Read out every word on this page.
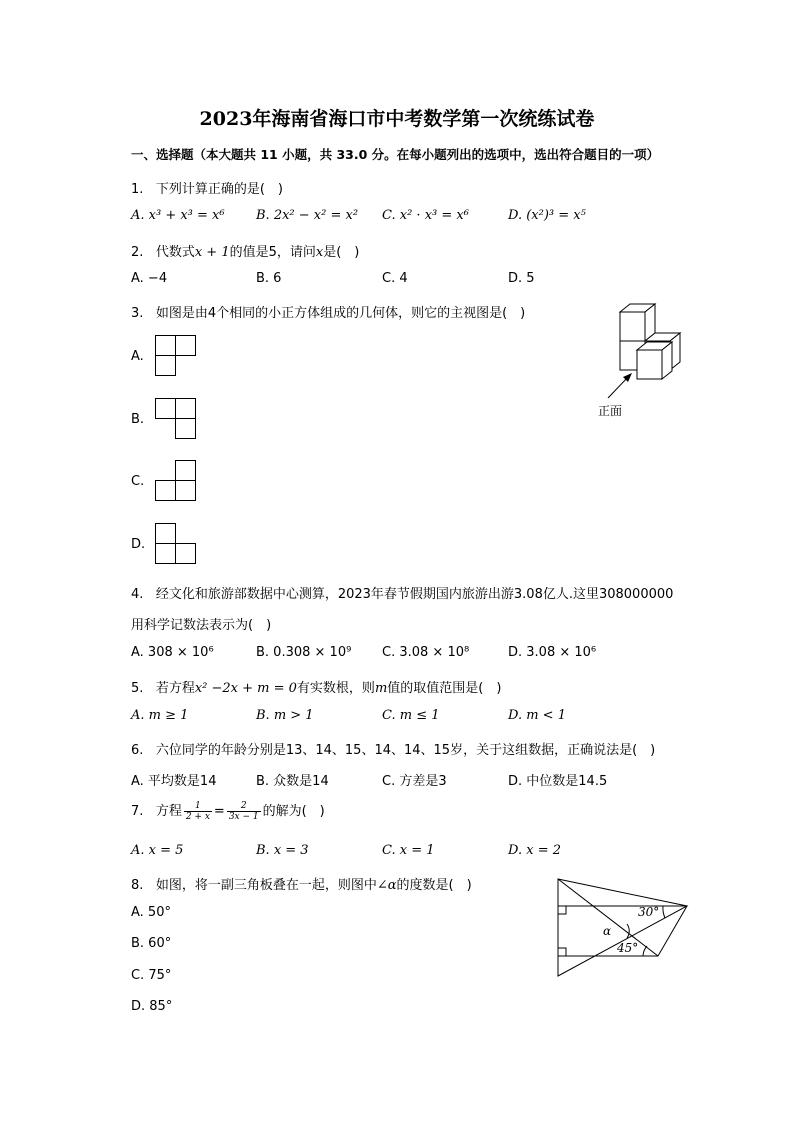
2023年海南省海口市中考数学第一次统练试卷
一、选择题（本大题共 11 小题，共 33.0 分。在每小题列出的选项中，选出符合题目的一项）
1. 下列计算正确的是(　)
A. x³ + x³ = x⁶ B. 2x² − x² = x² C. x² · x³ = x⁶	D. (x²)³ = x⁵
2. 代数式x + 1的值是5，请问x是(　)
A. −4	B. 6	C. 4	D. 5
3. 如图是由4个相同的小正方体组成的几何体，则它的主视图是(　)
A.
B.
C.
D.
正面
4. 经文化和旅游部数据中心测算，2023年春节假期国内旅游出游3.08亿人.这里308000000
用科学记数法表示为(　)
A. 308 × 10⁶	B. 0.308 × 10⁹ C. 3.08 × 10⁸	D. 3.08 × 10⁶
5. 若方程x² −2x + m = 0有实数根，则m值的取值范围是(　)
A. m ≥ 1	B. m > 1	C. m ≤ 1	D. m < 1
6. 六位同学的年龄分别是13、14、15、14、14、15岁，关于这组数据，正确说法是(　)
A. 平均数是14	B. 众数是14	C. 方差是3	D. 中位数是14.5
7. 方程 $\frac{1}{2 + x} = \frac{2}{3x - 1}$ 的解为(　)
A. x = 5	B. x = 3	C. x = 1	D. x = 2
8. 如图，将一副三角板叠在一起，则图中∠α的度数是(　)
A. 50°
B. 60°
C. 75°
D. 85°
30°
45°
α
